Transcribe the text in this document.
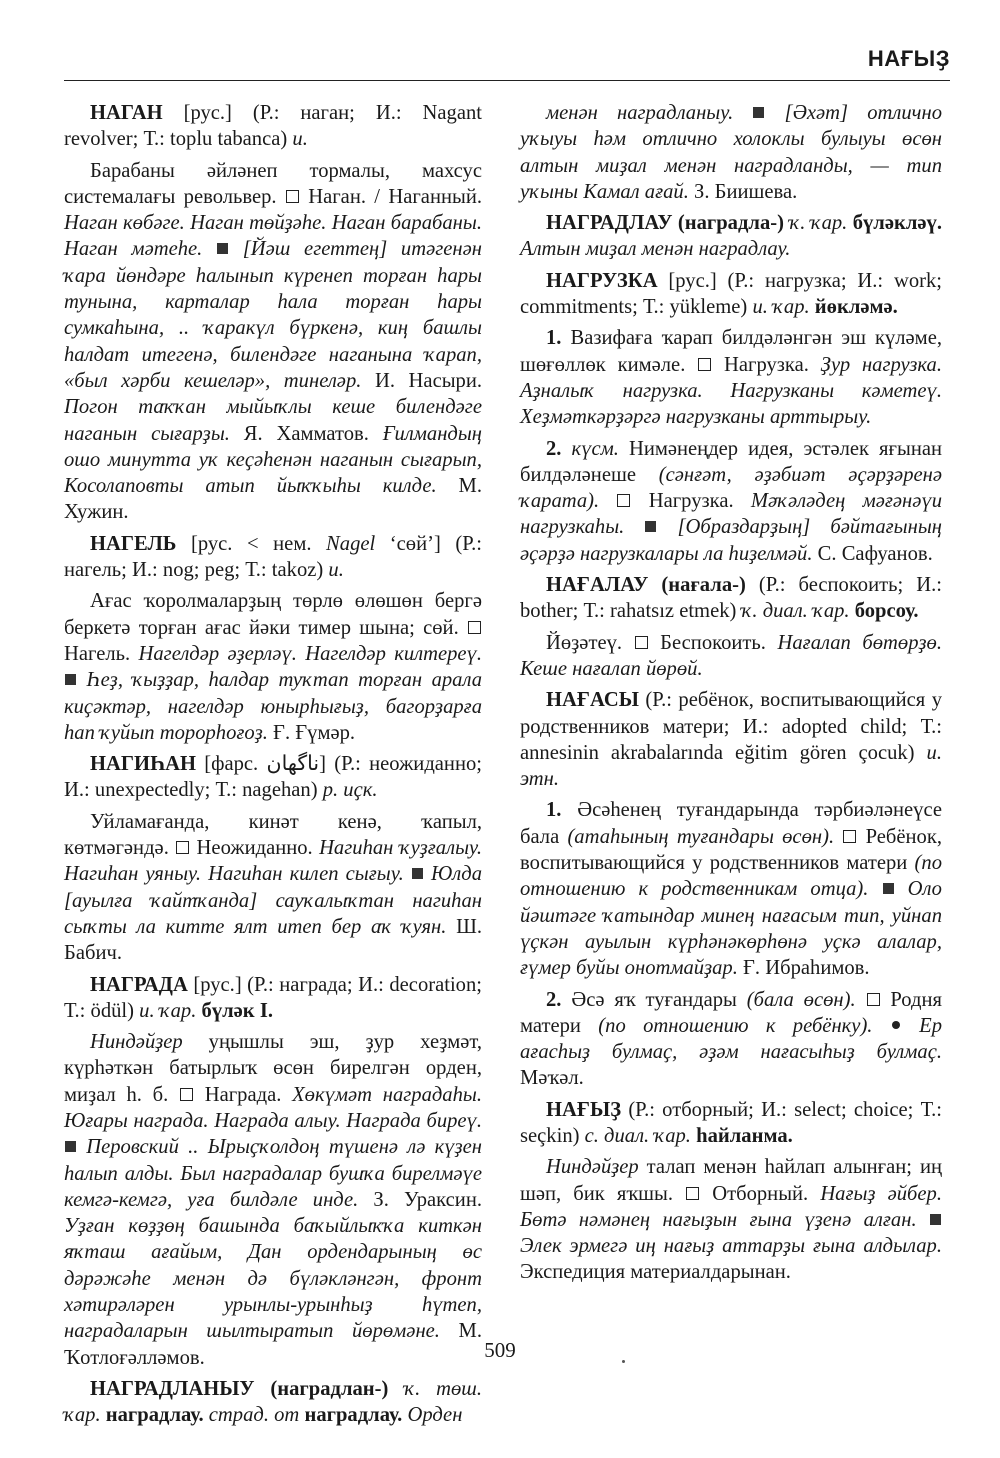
НАҒЫҘ

НАГАН [рус.] (Р.: наган; И.: Nagant revolver; Т.: toplu tabanca) и.

Барабаны әйләнеп тормалы, махсус системалағы револьвер.  Наган. / Наганный. Наган көбәге. Наган төйҙәһе. Наган барабаны. Наган мәтеһе.  [Йәш егеттең] итәгенән ҡара йөндәре һалынып күренеп торған һары тунына, карталар һала торған һары сумкаһына, .. ҡаракүл бүркенә, киң башлы һалдат итегенә, билендәге наганына ҡарап, «был хәрби кешеләр», тинеләр. И. Насыри. Погон таҡҡан мыйыҡлы кеше билендәге наганын сығарҙы. Я. Хамматов. Ғилмандың ошо минутта уҡ кеҫәһенән наганын сығарып, Косолаповты атып йыҡҡыһы килде. М. Хужин.

НАГЕЛЬ [рус. < нем. Nagel ‘сөй’] (Р.: нагель; И.: nog; peg; Т.: takoz) и.

Ағас ҡоролмаларҙың төрлө өлөшөн бергә беркетә торған ағас йәки тимер шына; сөй.  Нагель. Нагелдәр әҙерләү. Нагелдәр килтереү.  Һеҙ, ҡыҙҙар, һалдар туҡтап торған арала киҫәктәр, нагелдәр юнырһығыҙ, багорҙарға һап ҡуйып торорһоғоҙ. Ғ. Ғүмәр.

НАГИҺАН [фарс. ناگهان] (Р.: неожиданно; И.: unexpectedly; Т.: nagehan) р. иҫк.

Уйламағанда, кинәт кенә, ҡапыл, көтмәгәндә.  Неожиданно. Нагиһан ҡуҙғалыу. Нагиһан уяныу. Нагиһан килеп сығыу.  Юлда [ауылға ҡайтҡанда] сауҡалыҡтан нагиһан сыҡты ла китте ялт итеп бер аҡ ҡуян. Ш. Бабич.

НАГРАДА [рус.] (Р.: награда; И.: decoration; Т.: ödül) и. ҡар. бүләк I.

Ниндәйҙер уңышлы эш, ҙур хеҙмәт, күрһәткән батырлыҡ өсөн бирелгән орден, миҙал һ. б.  Награда. Хөкүмәт наградаһы. Юғары награда. Награда алыу. Награда биреү.  Перовский .. Ырыҫҡолдоң түшенә лә күҙен һалып алды. Был наградалар бушҡа бирелмәүе кемгә-кемгә, уға билдәле инде. З. Ураксин. Уҙған көҙҙөң башында баҡыйлыҡҡа киткән яҡташ ағайым, Дан ордендарының өс дәрәжәһе менән дә бүләкләнгән, фронт хәтирәләрен урынлы-урынһыҙ һүтеп, наградаларын шылтыратып йөрөмәне. М. Ҡотлоғәлләмов.

НАГРАДЛАНЫУ (наградлан-) ҡ. төш. ҡар. наградлау. страд. от наградлау. Орден

менән наградланыу.  [Әхәт] отлично уҡыуы һәм отлично холоклы булыуы өсөн алтын миҙал менән наградланды, — тип уҡыны Камал ағай. З. Биишева.

НАГРАДЛАУ (наградла-) ҡ. ҡар. бүләкләү. Алтын миҙал менән наградлау.

НАГРУЗКА [рус.] (Р.: нагрузка; И.: work; commitments; Т.: yükleme) и. ҡар. йөкләмә.

1. Вазифаға ҡарап билдәләнгән эш күләме, шөғөллөк кимәле.  Нагрузка. Ҙур нагрузка. Аҙналыҡ нагрузка. Нагрузканы кәметеү. Хеҙмәткәрҙәргә нагрузканы арттырыу.

2. күсм. Нимәнеңдер идея, эстәлек яғынан билдәләнеше (сәнғәт, әҙәбиәт әҫәрҙәренә ҡарата).  Нагрузка. Мәҡәләдең мәғәнәүи нагрузкаһы.  [Образдарҙың] бәйтағының әҫәрҙә нагрузкалары ла һиҙелмәй. С. Сафуанов.

НАҒАЛАУ (нағала-) (Р.: беспокоить; И.: bother; Т.: rahatsız etmek) ҡ. диал. ҡар. борсоу.

Йөҙәтеү.  Беспокоить. Нағалап бөтөрҙө. Кеше нағалап йөрөй.

НАҒАСЫ (Р.: ребёнок, воспитывающийся у родственников матери; И.: adopted child; Т.: annesinin akrabalarında eğitim gören çocuk) и. этн.

1. Әсәһенең туғандарында тәрбиәләнеүсе бала (атаһының туғандары өсөн).  Ребёнок, воспитывающийся у родственников матери (по отношению к родственникам отца).  Оло йәштәге ҡатындар минең нағасым тип, уйнап үҫкән ауылын күрһәнәкөрһөнә уҫкә алалар, ғүмер буйы онотмайҙар. Ғ. Ибраһимов.

2. Әсә яҡ туғандары (бала өсөн).  Родня матери (по отношению к ребёнку).  Ер ағасһыҙ булмаҫ, әҙәм нағасыһыҙ булмаҫ. Мәҡәл.

НАҒЫҘ (Р.: отборный; И.: select; choice; Т.: seçkin) с. диал. ҡар. һайланма.

Ниндәйҙер талап менән һайлап алынған; иң шәп, бик яҡшы.  Отборный. Нағыҙ әйбер. Бөтә нәмәнең нағыҙын ғына үҙенә алған.  Элек эрмегә иң нағыҙ аттарҙы ғына алдылар. Экспедиция материалдарынан.

509
